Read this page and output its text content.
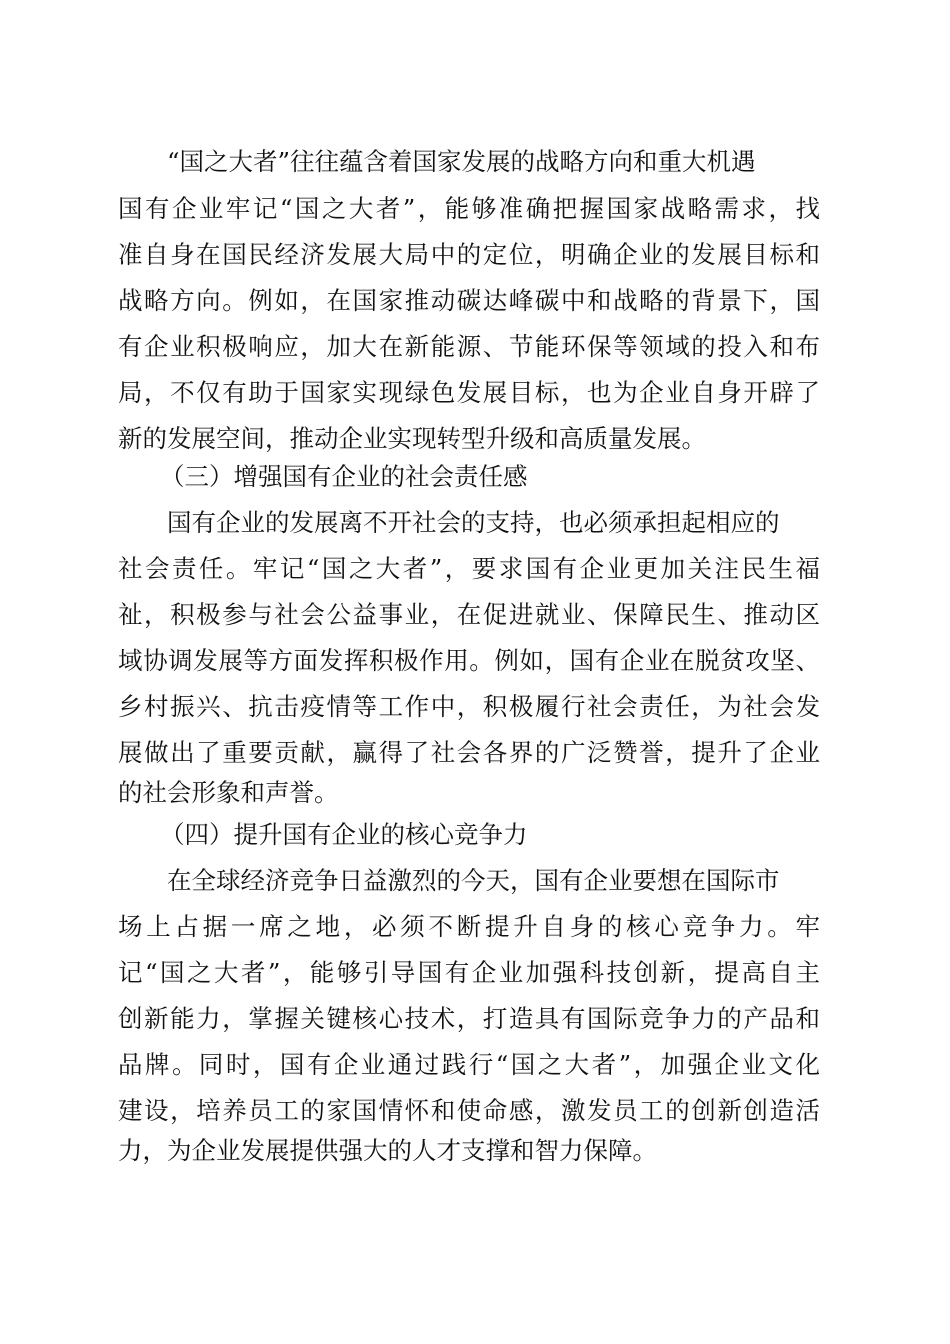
“国之大者”往往蕴含着国家发展的战略方向和重大机遇
国有企业牢记“国之大者”，能够准确把握国家战略需求，找
准自身在国民经济发展大局中的定位，明确企业的发展目标和
战略方向。例如，在国家推动碳达峰碳中和战略的背景下，国
有企业积极响应，加大在新能源、节能环保等领域的投入和布
局，不仅有助于国家实现绿色发展目标，也为企业自身开辟了
新的发展空间，推动企业实现转型升级和高质量发展。
（三）增强国有企业的社会责任感
国有企业的发展离不开社会的支持，也必须承担起相应的
社会责任。牢记“国之大者”，要求国有企业更加关注民生福
祉，积极参与社会公益事业，在促进就业、保障民生、推动区
域协调发展等方面发挥积极作用。例如，国有企业在脱贫攻坚、
乡村振兴、抗击疫情等工作中，积极履行社会责任，为社会发
展做出了重要贡献，赢得了社会各界的广泛赞誉，提升了企业
的社会形象和声誉。
（四）提升国有企业的核心竞争力
在全球经济竞争日益激烈的今天，国有企业要想在国际市
场上占据一席之地，必须不断提升自身的核心竞争力。牢
记“国之大者”，能够引导国有企业加强科技创新，提高自主
创新能力，掌握关键核心技术，打造具有国际竞争力的产品和
品牌。同时，国有企业通过践行“国之大者”，加强企业文化
建设，培养员工的家国情怀和使命感，激发员工的创新创造活
力，为企业发展提供强大的人才支撑和智力保障。
